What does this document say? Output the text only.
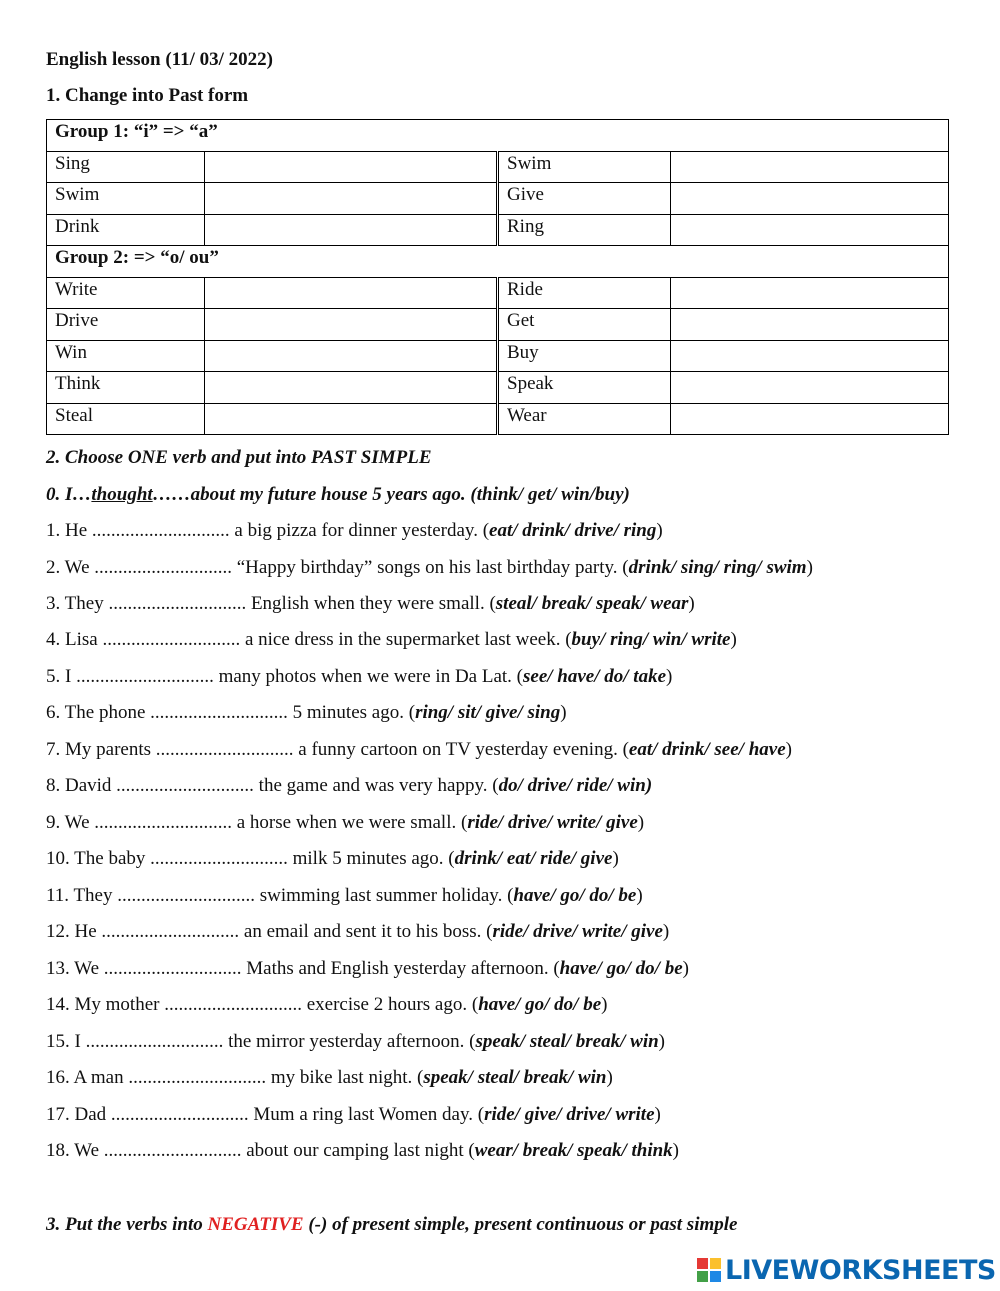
English lesson (11/ 03/ 2022)
1. Change into Past form
Group 1: “i” => “a”			
Sing		Swim	
Swim		Give	
Drink		Ring	
Group 2: => “o/ ou”			
Write		Ride	
Drive		Get	
Win		Buy	
Think		Speak	
Steal		Wear	
2. Choose ONE verb and put into PAST SIMPLE
0. I…thought……about my future house 5 years ago. (think/ get/ win/buy)
1. He ............................. a big pizza for dinner yesterday. (eat/ drink/ drive/ ring)
2. We ............................. “Happy birthday” songs on his last birthday party. (drink/ sing/ ring/ swim)
3. They ............................. English when they were small. (steal/ break/ speak/ wear)
4. Lisa ............................. a nice dress in the supermarket last week. (buy/ ring/ win/ write)
5. I ............................. many photos when we were in Da Lat. (see/ have/ do/ take)
6. The phone ............................. 5 minutes ago. (ring/ sit/ give/ sing)
7. My parents ............................. a funny cartoon on TV yesterday evening. (eat/ drink/ see/ have)
8. David ............................. the game and was very happy. (do/ drive/ ride/ win)
9. We ............................. a horse when we were small. (ride/ drive/ write/ give)
10. The baby ............................. milk 5 minutes ago. (drink/ eat/ ride/ give)
11. They ............................. swimming last summer holiday. (have/ go/ do/ be)
12. He ............................. an email and sent it to his boss. (ride/ drive/ write/ give)
13. We ............................. Maths and English yesterday afternoon. (have/ go/ do/ be)
14. My mother ............................. exercise 2 hours ago. (have/ go/ do/ be)
15. I ............................. the mirror yesterday afternoon. (speak/ steal/ break/ win)
16. A man ............................. my bike last night. (speak/ steal/ break/ win)
17. Dad ............................. Mum a ring last Women day. (ride/ give/ drive/ write)
18. We ............................. about our camping last night (wear/ break/ speak/ think)
3. Put the verbs into NEGATIVE (-) of present simple, present continuous or past simple
LIVEWORKSHEETS
